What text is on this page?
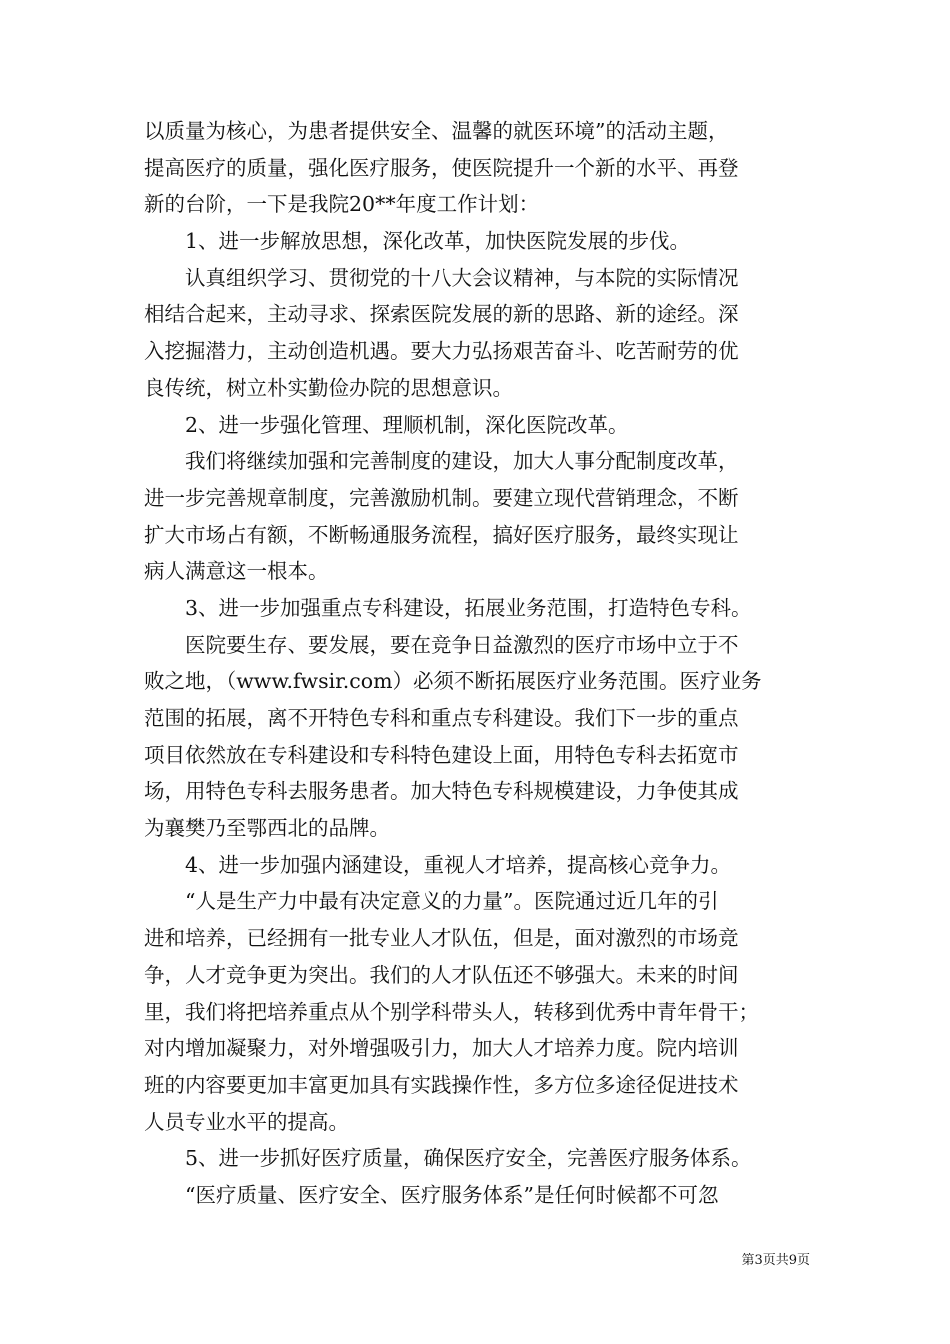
以质量为核心，为患者提供安全、温馨的就医环境”的活动主题，
提高医疗的质量，强化医疗服务，使医院提升一个新的水平、再登
新的台阶，一下是我院20**年度工作计划：
　　1、进一步解放思想，深化改革，加快医院发展的步伐。
　　认真组织学习、贯彻党的十八大会议精神，与本院的实际情况
相结合起来，主动寻求、探索医院发展的新的思路、新的途经。深
入挖掘潜力，主动创造机遇。要大力弘扬艰苦奋斗、吃苦耐劳的优
良传统，树立朴实勤俭办院的思想意识。
　　2、进一步强化管理、理顺机制，深化医院改革。
　　我们将继续加强和完善制度的建设，加大人事分配制度改革，
进一步完善规章制度，完善激励机制。要建立现代营销理念，不断
扩大市场占有额，不断畅通服务流程，搞好医疗服务，最终实现让
病人满意这一根本。
　　3、进一步加强重点专科建设，拓展业务范围，打造特色专科。
　　医院要生存、要发展，要在竞争日益激烈的医疗市场中立于不
败之地，（www.fwsir.com）必须不断拓展医疗业务范围。医疗业务
范围的拓展，离不开特色专科和重点专科建设。我们下一步的重点
项目依然放在专科建设和专科特色建设上面，用特色专科去拓宽市
场，用特色专科去服务患者。加大特色专科规模建设，力争使其成
为襄樊乃至鄂西北的品牌。
　　4、进一步加强内涵建设，重视人才培养，提高核心竞争力。
　　“人是生产力中最有决定意义的力量”。医院通过近几年的引
进和培养，已经拥有一批专业人才队伍，但是，面对激烈的市场竞
争，人才竞争更为突出。我们的人才队伍还不够强大。未来的时间
里，我们将把培养重点从个别学科带头人，转移到优秀中青年骨干；
对内增加凝聚力，对外增强吸引力，加大人才培养力度。院内培训
班的内容要更加丰富更加具有实践操作性，多方位多途径促进技术
人员专业水平的提高。
　　5、进一步抓好医疗质量，确保医疗安全，完善医疗服务体系。
　　“医疗质量、医疗安全、医疗服务体系”是任何时候都不可忽
第3页共9页
